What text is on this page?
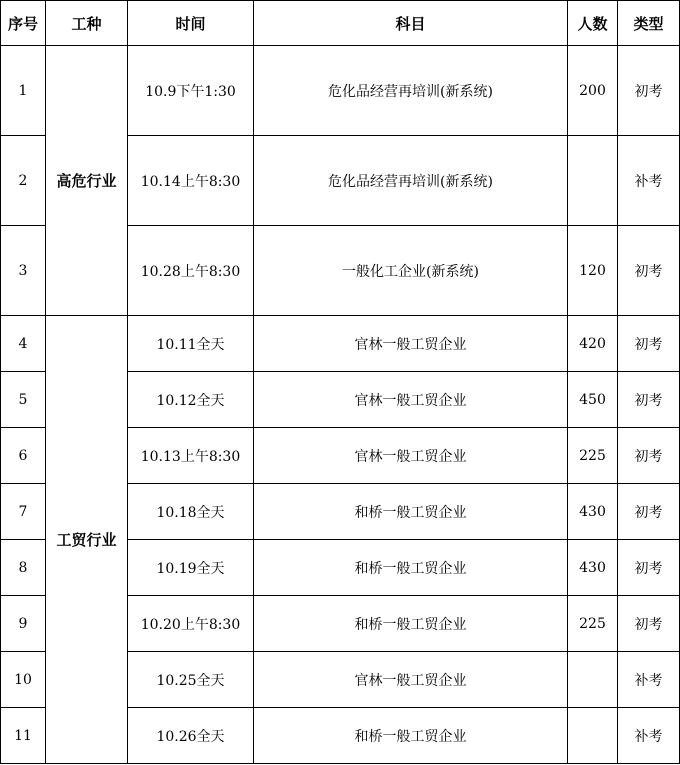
序号	工种	时间	科目	人数	类型
1	高危行业	10.9下午1:30	危化品经营再培训(新系统)	200	初考
2		10.14上午8:30	危化品经营再培训(新系统)		补考
3		10.28上午8:30	一般化工企业(新系统)	120	初考
4	工贸行业	10.11全天	官林一般工贸企业	420	初考
5		10.12全天	官林一般工贸企业	450	初考
6		10.13上午8:30	官林一般工贸企业	225	初考
7		10.18全天	和桥一般工贸企业	430	初考
8		10.19全天	和桥一般工贸企业	430	初考
9		10.20上午8:30	和桥一般工贸企业	225	初考
10		10.25全天	官林一般工贸企业		补考
11		10.26全天	和桥一般工贸企业		补考
